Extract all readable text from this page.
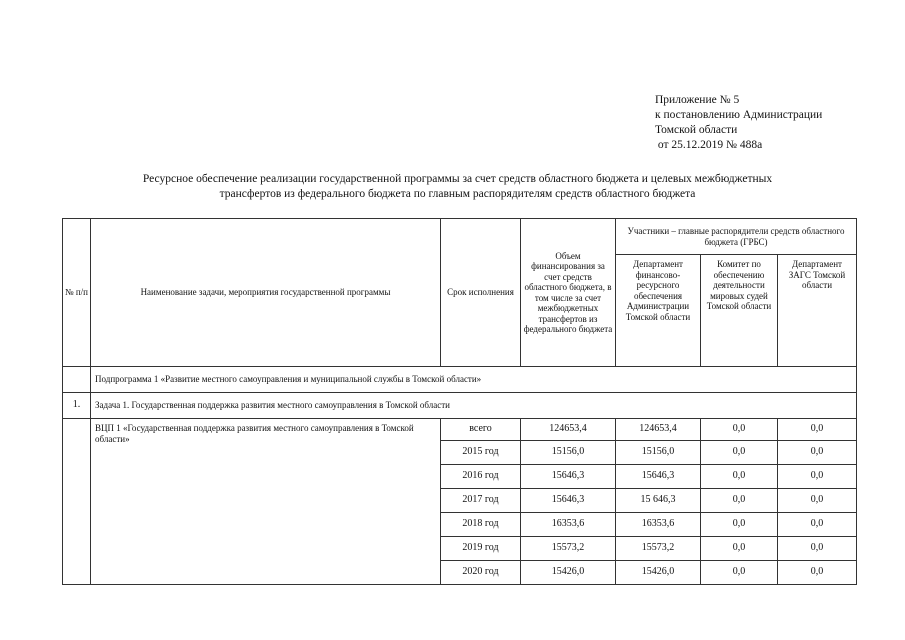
Приложение № 5
к постановлению Администрации
Томской области
от 25.12.2019 № 488а
Ресурсное обеспечение реализации государственной программы за счет средств областного бюджета и целевых межбюджетных
трансфертов из федерального бюджета по главным распорядителям средств областного бюджета
№ п/п	Наименование задачи, мероприятия государственной программы	Срок исполнения	Объем финансирования за счет средств областного бюджета, в том числе за счет межбюджетных трансфертов из федерального бюджета	Участники – главные распорядители средств областного бюджета (ГРБС)		
				Департамент финансово-ресурсного обеспечения Администрации Томской области	Комитет по обеспечению деятельности мировых судей Томской области	Департамент ЗАГС Томской области
	Подпрограмма 1 «Развитие местного самоуправления и муниципальной службы в Томской области»					
1.	Задача 1. Государственная поддержка развития местного самоуправления в Томской области					
	ВЦП 1 «Государственная поддержка развития местного самоуправления в Томской области»	всего	124653,4	124653,4	0,0	0,0
		2015 год	15156,0	15156,0	0,0	0,0
		2016 год	15646,3	15646,3	0,0	0,0
		2017 год	15646,3	15 646,3	0,0	0,0
		2018 год	16353,6	16353,6	0,0	0,0
		2019 год	15573,2	15573,2	0,0	0,0
		2020 год	15426,0	15426,0	0,0	0,0
